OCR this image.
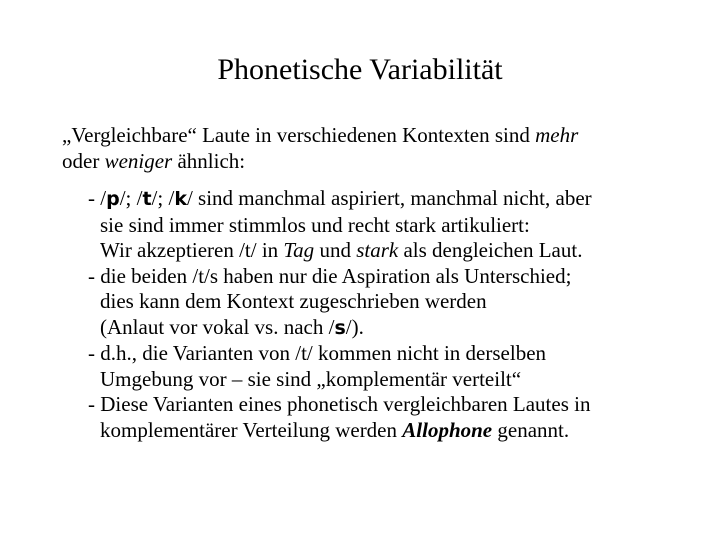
Phonetische Variabilität
„Vergleichbare“ Laute in verschiedenen Kontexten sind mehr
oder weniger ähnlich:
- /p/; /t/; /k/ sind manchmal aspiriert, manchmal nicht, aber
sie sind immer stimmlos und recht stark artikuliert:
Wir akzeptieren /t/ in Tag und stark als dengleichen Laut.
- die beiden /t/s haben nur die Aspiration als Unterschied;
dies kann dem Kontext zugeschrieben werden
(Anlaut vor vokal vs. nach /s/).
- d.h., die Varianten von /t/ kommen nicht in derselben
Umgebung vor – sie sind „komplementär verteilt“
- Diese Varianten eines phonetisch vergleichbaren Lautes in
komplementärer Verteilung werden Allophone genannt.
